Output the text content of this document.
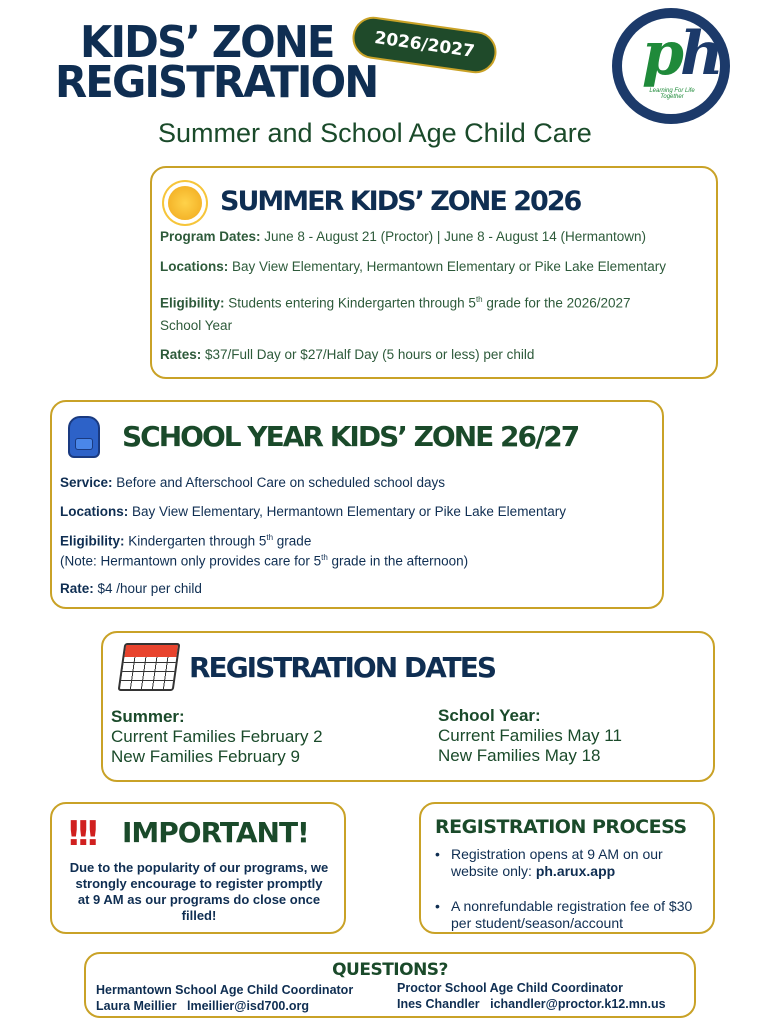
KIDS’ ZONE
REGISTRATION
2026/2027	ph
Learning For Life Together
Summer and School Age Child Care
SUMMER KIDS’ ZONE 2026
Program Dates: June 8 - August 21 (Proctor) | June 8 - August 14 (Hermantown)
Locations: Bay View Elementary, Hermantown Elementary or Pike Lake Elementary
Eligibility: Students entering Kindergarten through 5th grade for the 2026/2027
School Year
Rates: $37/Full Day or $27/Half Day (5 hours or less) per child
SCHOOL YEAR KIDS’ ZONE 26/27
Service: Before and Afterschool Care on scheduled school days
Locations: Bay View Elementary, Hermantown Elementary or Pike Lake Elementary
Eligibility: Kindergarten through 5th grade
(Note: Hermantown only provides care for 5th grade in the afternoon)
Rate: $4 /hour per child
REGISTRATION DATES
Summer:
Current Families February 2
New Families February 9
School Year:
Current Families May 11
New Families May 18
!!! IMPORTANT!
Due to the popularity of our programs, we strongly encourage to register promptly at 9 AM as our programs do close once filled!
REGISTRATION PROCESS
• Registration opens at 9 AM on our website only: ph.arux.app
• A nonrefundable registration fee of $30 per student/season/account
QUESTIONS?
Hermantown School Age Child Coordinator
Laura Meillier lmeillier@isd700.org
Proctor School Age Child Coordinator
Ines Chandler ichandler@proctor.k12.mn.us
